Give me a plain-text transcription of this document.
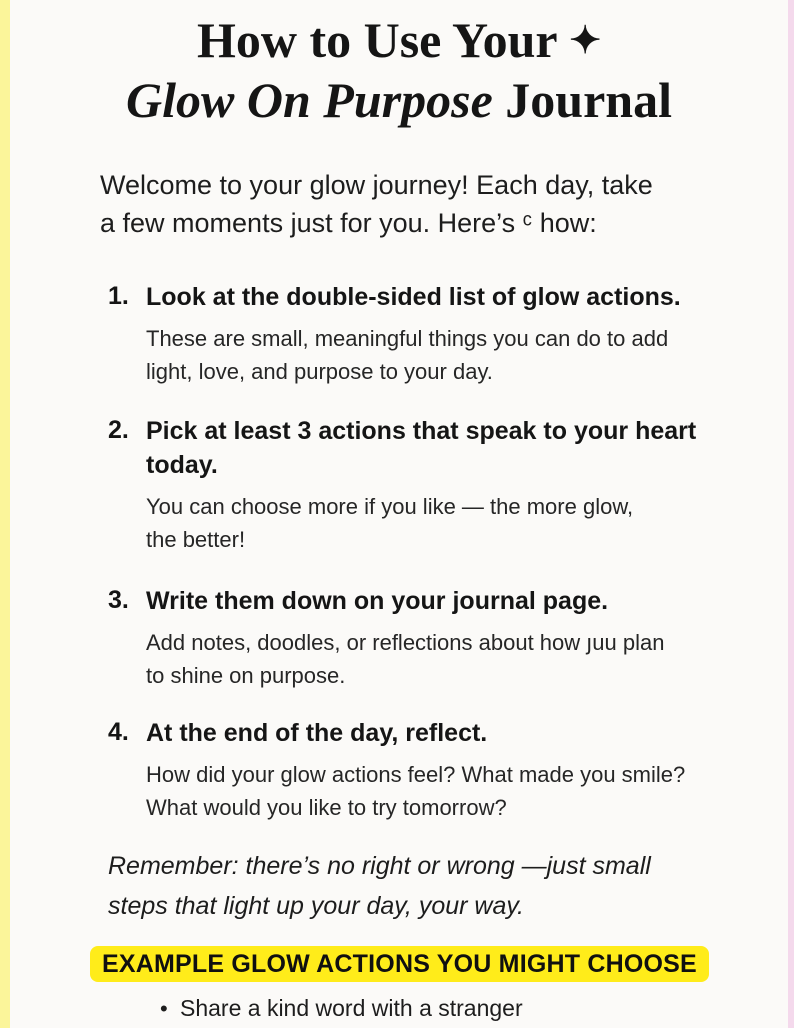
How to Use Your ✦
Glow On Purpose Journal

Welcome to your glow journey! Each day, take
a few moments just for you. Here’s ᶜ how:

1. Look at the double-sided list of glow actions.

These are small, meaningful things you can do to add
light, love, and purpose to your day.

2. Pick at least 3 actions that speak to your heart
today.

You can choose more if you like — the more glow,
the better!

3. Write them down on your journal page.

Add notes, doodles, or reflections about how յuu plan
to shine on purpose.

4. At the end of the day, reflect.

How did your glow actions feel? What made you smile?
What would you like to try tomorrow?

Remember: there’s no right or wrong —just small
steps that light up your day, your way.

EXAMPLE GLOW ACTIONS YOU MIGHT CHOOSE

• Share a kind word with a stranger
